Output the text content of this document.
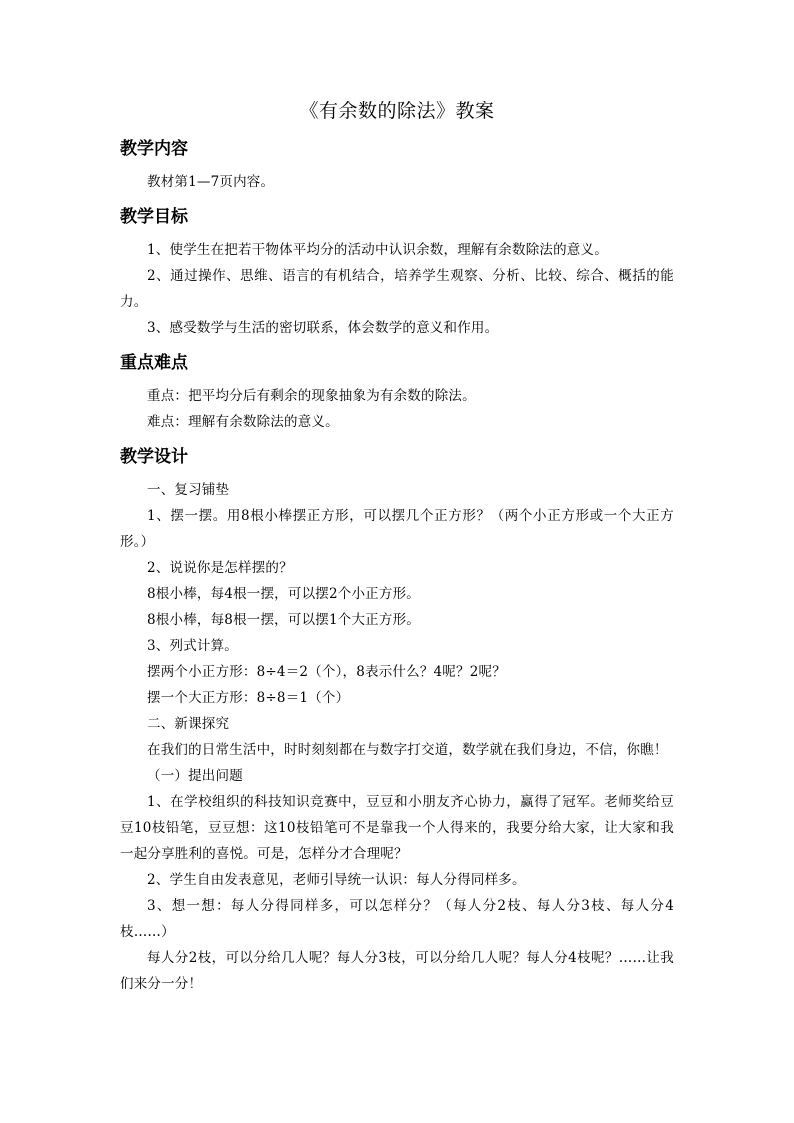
《有余数的除法》教案
教学内容

教材第1—7页内容。

教学目标

1、使学生在把若干物体平均分的活动中认识余数，理解有余数除法的意义。

2、通过操作、思维、语言的有机结合，培养学生观察、分析、比较、综合、概括的能力。

3、感受数学与生活的密切联系，体会数学的意义和作用。

重点难点

重点：把平均分后有剩余的现象抽象为有余数的除法。

难点：理解有余数除法的意义。

教学设计

一、复习铺垫

1、摆一摆。用8根小棒摆正方形，可以摆几个正方形？（两个小正方形或一个大正方形。）

2、说说你是怎样摆的？

8根小棒，每4根一摆，可以摆2个小正方形。

8根小棒，每8根一摆，可以摆1个大正方形。

3、列式计算。

摆两个小正方形：8÷4＝2（个），8表示什么？4呢？2呢？

摆一个大正方形：8÷8＝1（个）

二、新课探究

在我们的日常生活中，时时刻刻都在与数字打交道，数学就在我们身边，不信，你瞧！

（一）提出问题

1、在学校组织的科技知识竞赛中，豆豆和小朋友齐心协力，赢得了冠军。老师奖给豆豆10枝铅笔，豆豆想：这10枝铅笔可不是靠我一个人得来的，我要分给大家，让大家和我一起分享胜利的喜悦。可是，怎样分才合理呢？

2、学生自由发表意见，老师引导统一认识：每人分得同样多。

3、想一想：每人分得同样多，可以怎样分？（每人分2枝、每人分3枝、每人分4枝……）

每人分2枝，可以分给几人呢？每人分3枝，可以分给几人呢？每人分4枝呢？……让我们来分一分！
